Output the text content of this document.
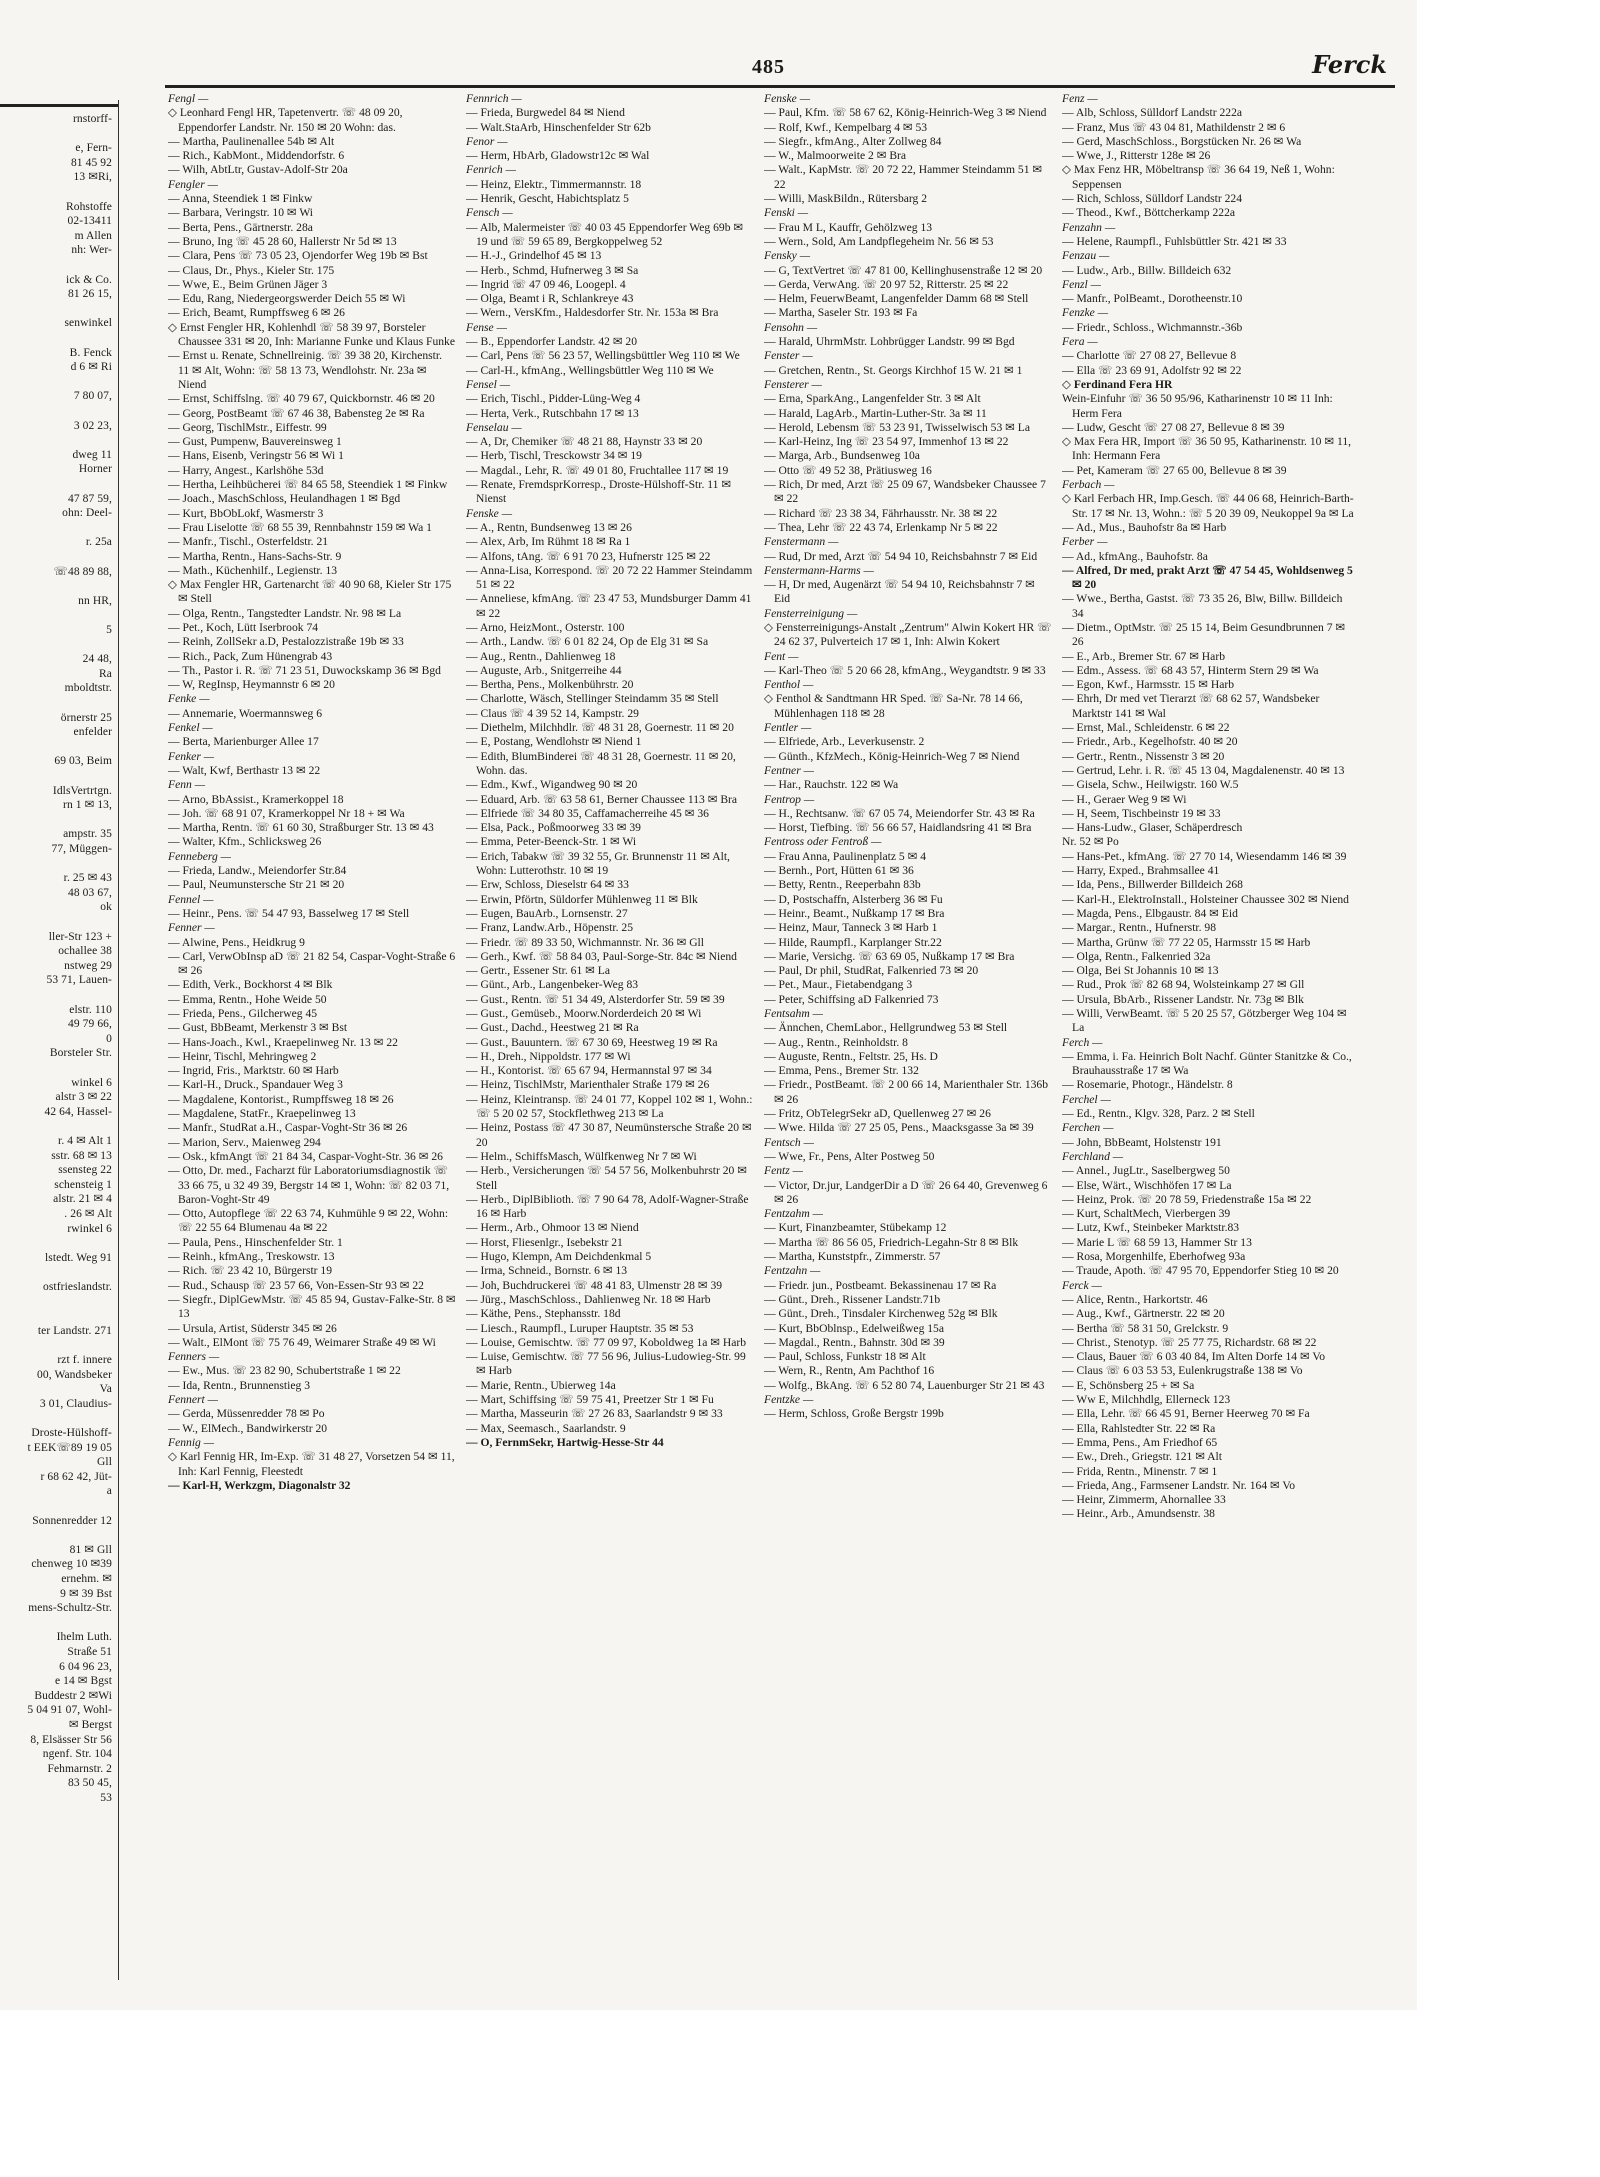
rnstorff-
e, Fern-
81 45 92
13 ✉Ri,
Rohstoffe
02-13411
m Allen
nh: Wer-
ick & Co.
81 26 15,
senwinkel
B. Fenck
d 6 ✉ Ri
7 80 07,
3 02 23,
dweg 11
Horner
47 87 59,
ohn: Deel-
r. 25a
☏48 89 88,
nn HR,
5
24 48,
Ra
mboldtstr.
örnerstr 25
enfelder
69 03, Beim
IdlsVertrtgn.
rn 1 ✉ 13,
ampstr. 35
77, Müggen-
r. 25 ✉ 43
48 03 67,
ok
ller-Str 123 +
ochallee 38
nstweg 29
53 71, Lauen-
elstr. 110
49 79 66,
0
Borsteler Str.
winkel 6
alstr 3 ✉ 22
42 64, Hassel-
r. 4 ✉ Alt 1
sstr. 68 ✉ 13
ssensteg 22
schensteig 1
alstr. 21 ✉ 4
. 26 ✉ Alt
rwinkel 6
lstedt. Weg 91
ostfrieslandstr.
ter Landstr. 271
rzt f. innere
00, Wandsbeker
Va
3 01, Claudius-
Droste-Hülshoff-
t EEK☏89 19 05
Gll
r 68 62 42, Jüt-
a
Sonnenredder 12
81 ✉ Gll
chenweg 10 ✉39
ernehm. ✉
9 ✉ 39 Bst
mens-Schultz-Str.
Ihelm Luth.
Straße 51
6 04 96 23,
e 14 ✉ Bgst
Buddestr 2 ✉Wi
5 04 91 07, Wohl-
✉ Bergst
8, Elsässer Str 56
ngenf. Str. 104
Fehmarnstr. 2
83 50 45,
53
485	Ferck
Fengl —
◇ Leonhard Fengl HR, Tapetenvertr. ☏ 48 09 20, Eppendorfer Landstr. Nr. 150 ✉ 20 Wohn: das.
— Martha, Paulinenallee 54b ✉ Alt
— Rich., KabMont., Middendorfstr. 6
— Wilh, AbtLtr, Gustav-Adolf-Str 20a
Fengler —
— Anna, Steendiek 1 ✉ Finkw
— Barbara, Veringstr. 10 ✉ Wi
— Berta, Pens., Gärtnerstr. 28a
— Bruno, Ing ☏ 45 28 60, Hallerstr Nr 5d ✉ 13
— Clara, Pens ☏ 73 05 23, Ojendorfer Weg 19b ✉ Bst
— Claus, Dr., Phys., Kieler Str. 175
— Wwe, E., Beim Grünen Jäger 3
— Edu, Rang, Niedergeorgswerder Deich 55 ✉ Wi
— Erich, Beamt, Rumpffsweg 6 ✉ 26
◇ Ernst Fengler HR, Kohlenhdl ☏ 58 39 97, Borsteler Chaussee 331 ✉ 20, Inh: Marianne Funke und Klaus Funke
— Ernst u. Renate, Schnellreinig. ☏ 39 38 20, Kirchenstr. 11 ✉ Alt, Wohn: ☏ 58 13 73, Wendlohstr. Nr. 23a ✉ Niend
— Ernst, Schiffslng. ☏ 40 79 67, Quickbornstr. 46 ✉ 20
— Georg, PostBeamt ☏ 67 46 38, Babensteg 2e ✉ Ra
— Georg, TischlMstr., Eiffestr. 99
— Gust, Pumpenw, Bauvereinsweg 1
— Hans, Eisenb, Veringstr 56 ✉ Wi 1
— Harry, Angest., Karlshöhe 53d
— Hertha, Leihbücherei ☏ 84 65 58, Steendiek 1 ✉ Finkw
— Joach., MaschSchloss, Heulandhagen 1 ✉ Bgd
— Kurt, BbObLokf, Wasmerstr 3
— Frau Liselotte ☏ 68 55 39, Rennbahnstr 159 ✉ Wa 1
— Manfr., Tischl., Osterfeldstr. 21
— Martha, Rentn., Hans-Sachs-Str. 9
— Math., Küchenhilf., Legienstr. 13
◇ Max Fengler HR, Gartenarcht ☏ 40 90 68, Kieler Str 175 ✉ Stell
— Olga, Rentn., Tangstedter Landstr. Nr. 98 ✉ La
— Pet., Koch, Lütt Iserbrook 74
— Reinh, ZollSekr a.D, Pestalozzistraße 19b ✉ 33
— Rich., Pack, Zum Hünengrab 43
— Th., Pastor i. R. ☏ 71 23 51, Duwockskamp 36 ✉ Bgd
— W, RegInsp, Heymannstr 6 ✉ 20
Fenke —
— Annemarie, Woermannsweg 6
Fenkel —
— Berta, Marienburger Allee 17
Fenker —
— Walt, Kwf, Berthastr 13 ✉ 22
Fenn —
— Arno, BbAssist., Kramerkoppel 18
— Joh. ☏ 68 91 07, Kramerkoppel Nr 18 + ✉ Wa
— Martha, Rentn. ☏ 61 60 30, Straßburger Str. 13 ✉ 43
— Walter, Kfm., Schlicksweg 26
Fenneberg —
— Frieda, Landw., Meiendorfer Str.84
— Paul, Neumunstersche Str 21 ✉ 20
Fennel —
— Heinr., Pens. ☏ 54 47 93, Basselweg 17 ✉ Stell
Fenner —
— Alwine, Pens., Heidkrug 9
— Carl, VerwObInsp aD ☏ 21 82 54, Caspar-Voght-Straße 6 ✉ 26
— Edith, Verk., Bockhorst 4 ✉ Blk
— Emma, Rentn., Hohe Weide 50
— Frieda, Pens., Gilcherweg 45
— Gust, BbBeamt, Merkenstr 3 ✉ Bst
— Hans-Joach., Kwl., Kraepelinweg Nr. 13 ✉ 22
— Heinr, Tischl, Mehringweg 2
— Ingrid, Fris., Marktstr. 60 ✉ Harb
— Karl-H., Druck., Spandauer Weg 3
— Magdalene, Kontorist., Rumpffsweg 18 ✉ 26
— Magdalene, StatFr., Kraepelinweg 13
— Manfr., StudRat a.H., Caspar-Voght-Str 36 ✉ 26
— Marion, Serv., Maienweg 294
— Osk., kfmAngt ☏ 21 84 34, Caspar-Voght-Str. 36 ✉ 26
— Otto, Dr. med., Facharzt für Laboratoriumsdiagnostik ☏ 33 66 75, u 32 49 39, Bergstr 14 ✉ 1, Wohn: ☏ 82 03 71, Baron-Voght-Str 49
— Otto, Autopflege ☏ 22 63 74, Kuhmühle 9 ✉ 22, Wohn: ☏ 22 55 64 Blumenau 4a ✉ 22
— Paula, Pens., Hinschenfelder Str. 1
— Reinh., kfmAng., Treskowstr. 13
— Rich. ☏ 23 42 10, Bürgerstr 19
— Rud., Schausp ☏ 23 57 66, Von-Essen-Str 93 ✉ 22
— Siegfr., DiplGewMstr. ☏ 45 85 94, Gustav-Falke-Str. 8 ✉ 13
— Ursula, Artist, Süderstr 345 ✉ 26
— Walt., ElMont ☏ 75 76 49, Weimarer Straße 49 ✉ Wi
Fenners —
— Ew., Mus. ☏ 23 82 90, Schubertstraße 1 ✉ 22
— Ida, Rentn., Brunnenstieg 3
Fennert —
— Gerda, Müssenredder 78 ✉ Po
— W., ElMech., Bandwirkerstr 20
Fennig —
◇ Karl Fennig HR, Im-Exp. ☏ 31 48 27, Vorsetzen 54 ✉ 11, Inh: Karl Fennig, Fleestedt
— Karl-H, Werkzgm, Diagonalstr 32
Fennrich —
— Frieda, Burgwedel 84 ✉ Niend
— Walt.StaArb, Hinschenfelder Str 62b
Fenor —
— Herm, HbArb, Gladowstr12c ✉ Wal
Fenrich —
— Heinz, Elektr., Timmermannstr. 18
— Henrik, Gescht, Habichtsplatz 5
Fensch —
— Alb, Malermeister ☏ 40 03 45 Eppendorfer Weg 69b ✉ 19 und ☏ 59 65 89, Bergkoppelweg 52
— H.-J., Grindelhof 45 ✉ 13
— Herb., Schmd, Hufnerweg 3 ✉ Sa
— Ingrid ☏ 47 09 46, Loogepl. 4
— Olga, Beamt i R, Schlankreye 43
— Wern., VersKfm., Haldesdorfer Str. Nr. 153a ✉ Bra
Fense —
— B., Eppendorfer Landstr. 42 ✉ 20
— Carl, Pens ☏ 56 23 57, Wellingsbüttler Weg 110 ✉ We
— Carl-H., kfmAng., Wellingsbüttler Weg 110 ✉ We
Fensel —
— Erich, Tischl., Pidder-Lüng-Weg 4
— Herta, Verk., Rutschbahn 17 ✉ 13
Fenselau —
— A, Dr, Chemiker ☏ 48 21 88, Haynstr 33 ✉ 20
— Herb, Tischl, Tresckowstr 34 ✉ 19
— Magdal., Lehr, R. ☏ 49 01 80, Fruchtallee 117 ✉ 19
— Renate, FremdsprKorresp., Droste-Hülshoff-Str. 11 ✉ Nienst
Fenske —
— A., Rentn, Bundsenweg 13 ✉ 26
— Alex, Arb, Im Rühmt 18 ✉ Ra 1
— Alfons, tAng. ☏ 6 91 70 23, Hufnerstr 125 ✉ 22
— Anna-Lisa, Korrespond. ☏ 20 72 22 Hammer Steindamm 51 ✉ 22
— Anneliese, kfmAng. ☏ 23 47 53, Mundsburger Damm 41 ✉ 22
— Arno, HeizMont., Osterstr. 100
— Arth., Landw. ☏ 6 01 82 24, Op de Elg 31 ✉ Sa
— Aug., Rentn., Dahlienweg 18
— Auguste, Arb., Snitgerreihe 44
— Bertha, Pens., Molkenbührstr. 20
— Charlotte, Wäsch, Stellinger Steindamm 35 ✉ Stell
— Claus ☏ 4 39 52 14, Kampstr. 29
— Diethelm, Milchhdlr. ☏ 48 31 28, Goernestr. 11 ✉ 20
— E, Postang, Wendlohstr ✉ Niend 1
— Edith, BlumBinderei ☏ 48 31 28, Goernestr. 11 ✉ 20, Wohn. das.
— Edm., Kwf., Wigandweg 90 ✉ 20
— Eduard, Arb. ☏ 63 58 61, Berner Chaussee 113 ✉ Bra
— Elfriede ☏ 34 80 35, Caffamacherreihe 45 ✉ 36
— Elsa, Pack., Poßmoorweg 33 ✉ 39
— Emma, Peter-Beenck-Str. 1 ✉ Wi
— Erich, Tabakw ☏ 39 32 55, Gr. Brunnenstr 11 ✉ Alt, Wohn: Lutterothstr. 10 ✉ 19
— Erw, Schloss, Dieselstr 64 ✉ 33
— Erwin, Pförtn, Süldorfer Mühlenweg 11 ✉ Blk
— Eugen, BauArb., Lornsenstr. 27
— Franz, Landw.Arb., Höpenstr. 25
— Friedr. ☏ 89 33 50, Wichmannstr. Nr. 36 ✉ Gll
— Gerh., Kwf. ☏ 58 84 03, Paul-Sorge-Str. 84c ✉ Niend
— Gertr., Essener Str. 61 ✉ La
— Günt., Arb., Langenbeker-Weg 83
— Gust., Rentn. ☏ 51 34 49, Alsterdorfer Str. 59 ✉ 39
— Gust., Gemüseb., Moorw.Norderdeich 20 ✉ Wi
— Gust., Dachd., Heestweg 21 ✉ Ra
— Gust., Bauuntern. ☏ 67 30 69, Heestweg 19 ✉ Ra
— H., Dreh., Nippoldstr. 177 ✉ Wi
— H., Kontorist. ☏ 65 67 94, Hermannstal 97 ✉ 34
— Heinz, TischlMstr, Marienthaler Straße 179 ✉ 26
— Heinz, Kleintransp. ☏ 24 01 77, Koppel 102 ✉ 1, Wohn.: ☏ 5 20 02 57, Stockflethweg 213 ✉ La
— Heinz, Postass ☏ 47 30 87, Neumünstersche Straße 20 ✉ 20
— Helm., SchiffsMasch, Wülfkenweg Nr 7 ✉ Wi
— Herb., Versicherungen ☏ 54 57 56, Molkenbuhrstr 20 ✉ Stell
— Herb., DiplBiblioth. ☏ 7 90 64 78, Adolf-Wagner-Straße 16 ✉ Harb
— Herm., Arb., Ohmoor 13 ✉ Niend
— Horst, Fliesenlgr., Isebekstr 21
— Hugo, Klempn, Am Deichdenkmal 5
— Irma, Schneid., Bornstr. 6 ✉ 13
— Joh, Buchdruckerei ☏ 48 41 83, Ulmenstr 28 ✉ 39
— Jürg., MaschSchloss., Dahlienweg Nr. 18 ✉ Harb
— Käthe, Pens., Stephansstr. 18d
— Liesch., Raumpfl., Luruper Hauptstr. 35 ✉ 53
— Louise, Gemischtw. ☏ 77 09 97, Koboldweg 1a ✉ Harb
— Luise, Gemischtw. ☏ 77 56 96, Julius-Ludowieg-Str. 99 ✉ Harb
— Marie, Rentn., Ubierweg 14a
— Mart, Schiffsing ☏ 59 75 41, Preetzer Str 1 ✉ Fu
— Martha, Masseurin ☏ 27 26 83, Saarlandstr 9 ✉ 33
— Max, Seemasch., Saarlandstr. 9
— O, FernmSekr, Hartwig-Hesse-Str 44
Fenske —
— Paul, Kfm. ☏ 58 67 62, König-Heinrich-Weg 3 ✉ Niend
— Rolf, Kwf., Kempelbarg 4 ✉ 53
— Siegfr., kfmAng., Alter Zollweg 84
— W., Malmoorweite 2 ✉ Bra
— Walt., KapMstr. ☏ 20 72 22, Hammer Steindamm 51 ✉ 22
— Willi, MaskBildn., Rütersbarg 2
Fenski —
— Frau M L, Kauffr, Gehölzweg 13
— Wern., Sold, Am Landpflegeheim Nr. 56 ✉ 53
Fensky —
— G, TextVertret ☏ 47 81 00, Kellinghusenstraße 12 ✉ 20
— Gerda, VerwAng. ☏ 20 97 52, Ritterstr. 25 ✉ 22
— Helm, FeuerwBeamt, Langenfelder Damm 68 ✉ Stell
— Martha, Saseler Str. 193 ✉ Fa
Fensohn —
— Harald, UhrmMstr. Lohbrügger Landstr. 99 ✉ Bgd
Fenster —
— Gretchen, Rentn., St. Georgs Kirchhof 15 W. 21 ✉ 1
Fensterer —
— Erna, SparkAng., Langenfelder Str. 3 ✉ Alt
— Harald, LagArb., Martin-Luther-Str. 3a ✉ 11
— Herold, Lebensm ☏ 53 23 91, Twisselwisch 53 ✉ La
— Karl-Heinz, Ing ☏ 23 54 97, Immenhof 13 ✉ 22
— Marga, Arb., Bundsenweg 10a
— Otto ☏ 49 52 38, Prätiusweg 16
— Rich, Dr med, Arzt ☏ 25 09 67, Wandsbeker Chaussee 7 ✉ 22
— Richard ☏ 23 38 34, Fährhausstr. Nr. 38 ✉ 22
— Thea, Lehr ☏ 22 43 74, Erlenkamp Nr 5 ✉ 22
Fenstermann —
— Rud, Dr med, Arzt ☏ 54 94 10, Reichsbahnstr 7 ✉ Eid
Fenstermann-Harms —
— H, Dr med, Augenärzt ☏ 54 94 10, Reichsbahnstr 7 ✉ Eid
Fensterreinigung —
◇ Fensterreinigungs-Anstalt „Zentrum" Alwin Kokert HR ☏ 24 62 37, Pulverteich 17 ✉ 1, Inh: Alwin Kokert
Fent —
— Karl-Theo ☏ 5 20 66 28, kfmAng., Weygandtstr. 9 ✉ 33
Fenthol —
◇ Fenthol & Sandtmann HR Sped. ☏ Sa-Nr. 78 14 66, Mühlenhagen 118 ✉ 28
Fentler —
— Elfriede, Arb., Leverkusenstr. 2
— Günth., KfzMech., König-Heinrich-Weg 7 ✉ Niend
Fentner —
— Har., Rauchstr. 122 ✉ Wa
Fentrop —
— H., Rechtsanw. ☏ 67 05 74, Meiendorfer Str. 43 ✉ Ra
— Horst, Tiefbing. ☏ 56 66 57, Haidlandsring 41 ✉ Bra
Fentross oder Fentroß —
— Frau Anna, Paulinenplatz 5 ✉ 4
— Bernh., Port, Hütten 61 ✉ 36
— Betty, Rentn., Reeperbahn 83b
— D, Postschaffn, Alsterberg 36 ✉ Fu
— Heinr., Beamt., Nußkamp 17 ✉ Bra
— Heinz, Maur, Tanneck 3 ✉ Harb 1
— Hilde, Raumpfl., Karplanger Str.22
— Marie, Versichg. ☏ 63 69 05, Nußkamp 17 ✉ Bra
— Paul, Dr phil, StudRat, Falkenried 73 ✉ 20
— Pet., Maur., Fietabendgang 3
— Peter, Schiffsing aD Falkenried 73
Fentsahm —
— Ännchen, ChemLabor., Hellgrundweg 53 ✉ Stell
— Aug., Rentn., Reinholdstr. 8
— Auguste, Rentn., Feltstr. 25, Hs. D
— Emma, Pens., Bremer Str. 132
— Friedr., PostBeamt. ☏ 2 00 66 14, Marienthaler Str. 136b ✉ 26
— Fritz, ObTelegrSekr aD, Quellenweg 27 ✉ 26
— Wwe. Hilda ☏ 27 25 05, Pens., Maacksgasse 3a ✉ 39
Fentsch —
— Wwe, Fr., Pens, Alter Postweg 50
Fentz —
— Victor, Dr.jur, LandgerDir a D ☏ 26 64 40, Grevenweg 6 ✉ 26
Fentzahm —
— Kurt, Finanzbeamter, Stübekamp 12
— Martha ☏ 86 56 05, Friedrich-Legahn-Str 8 ✉ Blk
— Martha, Kunststpfr., Zimmerstr. 57
Fentzahn —
— Friedr. jun., Postbeamt. Bekassinenau 17 ✉ Ra
— Günt., Dreh., Rissener Landstr.71b
— Günt., Dreh., Tinsdaler Kirchenweg 52g ✉ Blk
— Kurt, BbOblnsp., Edelweißweg 15a
— Magdal., Rentn., Bahnstr. 30d ✉ 39
— Paul, Schloss, Funkstr 18 ✉ Alt
— Wern, R., Rentn, Am Pachthof 16
— Wolfg., BkAng. ☏ 6 52 80 74, Lauenburger Str 21 ✉ 43
Fentzke —
— Herm, Schloss, Große Bergstr 199b
Fenz —
— Alb, Schloss, Sülldorf Landstr 222a
— Franz, Mus ☏ 43 04 81, Mathildenstr 2 ✉ 6
— Gerd, MaschSchloss., Borgstücken Nr. 26 ✉ Wa
— Wwe, J., Ritterstr 128e ✉ 26
◇ Max Fenz HR, Möbeltransp ☏ 36 64 19, Neß 1, Wohn: Seppensen
— Rich, Schloss, Sülldorf Landstr 224
— Theod., Kwf., Böttcherkamp 222a
Fenzahn —
— Helene, Raumpfl., Fuhlsbüttler Str. 421 ✉ 33
Fenzau —
— Ludw., Arb., Billw. Billdeich 632
Fenzl —
— Manfr., PolBeamt., Dorotheenstr.10
Fenzke —
— Friedr., Schloss., Wichmannstr.-36b
Fera —
— Charlotte ☏ 27 08 27, Bellevue 8
— Ella ☏ 23 69 91, Adolfstr 92 ✉ 22
◇ Ferdinand Fera HR
Wein-Einfuhr ☏ 36 50 95/96, Katharinenstr 10 ✉ 11 Inh: Herm Fera
— Ludw, Gescht ☏ 27 08 27, Bellevue 8 ✉ 39
◇ Max Fera HR, Import ☏ 36 50 95, Katharinenstr. 10 ✉ 11, Inh: Hermann Fera
— Pet, Kameram ☏ 27 65 00, Bellevue 8 ✉ 39
Ferbach —
◇ Karl Ferbach HR, Imp.Gesch. ☏ 44 06 68, Heinrich-Barth-Str. 17 ✉ Nr. 13, Wohn.: ☏ 5 20 39 09, Neukoppel 9a ✉ La
— Ad., Mus., Bauhofstr 8a ✉ Harb
Ferber —
— Ad., kfmAng., Bauhofstr. 8a
— Alfred, Dr med, prakt Arzt ☏ 47 54 45, Wohldsenweg 5 ✉ 20
— Wwe., Bertha, Gastst. ☏ 73 35 26, Blw, Billw. Billdeich 34
— Dietm., OptMstr. ☏ 25 15 14, Beim Gesundbrunnen 7 ✉ 26
— E., Arb., Bremer Str. 67 ✉ Harb
— Edm., Assess. ☏ 68 43 57, Hinterm Stern 29 ✉ Wa
— Egon, Kwf., Harmsstr. 15 ✉ Harb
— Ehrh, Dr med vet Tierarzt ☏ 68 62 57, Wandsbeker Marktstr 141 ✉ Wal
— Ernst, Mal., Schleidenstr. 6 ✉ 22
— Friedr., Arb., Kegelhofstr. 40 ✉ 20
— Gertr., Rentn., Nissenstr 3 ✉ 20
— Gertrud, Lehr. i. R. ☏ 45 13 04, Magdalenenstr. 40 ✉ 13
— Gisela, Schw., Heilwigstr. 160 W.5
— H., Geraer Weg 9 ✉ Wi
— H, Seem, Tischbeinstr 19 ✉ 33
— Hans-Ludw., Glaser, Schäperdresch
Nr. 52 ✉ Po
— Hans-Pet., kfmAng. ☏ 27 70 14, Wiesendamm 146 ✉ 39
— Harry, Exped., Brahmsallee 41
— Ida, Pens., Billwerder Billdeich 268
— Karl-H., ElektroInstall., Holsteiner Chaussee 302 ✉ Niend
— Magda, Pens., Elbgaustr. 84 ✉ Eid
— Margar., Rentn., Hufnerstr. 98
— Martha, Grünw ☏ 77 22 05, Harmsstr 15 ✉ Harb
— Olga, Rentn., Falkenried 32a
— Olga, Bei St Johannis 10 ✉ 13
— Rud., Prok ☏ 82 68 94, Wolsteinkamp 27 ✉ Gll
— Ursula, BbArb., Rissener Landstr. Nr. 73g ✉ Blk
— Willi, VerwBeamt. ☏ 5 20 25 57, Götzberger Weg 104 ✉ La
Ferch —
— Emma, i. Fa. Heinrich Bolt Nachf. Günter Stanitzke & Co., Brauhausstraße 17 ✉ Wa
— Rosemarie, Photogr., Händelstr. 8
Ferchel —
— Ed., Rentn., Klgv. 328, Parz. 2 ✉ Stell
Ferchen —
— John, BbBeamt, Holstenstr 191
Ferchland —
— Annel., JugLtr., Saselbergweg 50
— Else, Wärt., Wischhöfen 17 ✉ La
— Heinz, Prok. ☏ 20 78 59, Friedenstraße 15a ✉ 22
— Kurt, SchaltMech, Vierbergen 39
— Lutz, Kwf., Steinbeker Marktstr.83
— Marie L ☏ 68 59 13, Hammer Str 13
— Rosa, Morgenhilfe, Eberhofweg 93a
— Traude, Apoth. ☏ 47 95 70, Eppendorfer Stieg 10 ✉ 20
Ferck —
— Alice, Rentn., Harkortstr. 46
— Aug., Kwf., Gärtnerstr. 22 ✉ 20
— Bertha ☏ 58 31 50, Grelckstr. 9
— Christ., Stenotyp. ☏ 25 77 75, Richardstr. 68 ✉ 22
— Claus, Bauer ☏ 6 03 40 84, Im Alten Dorfe 14 ✉ Vo
— Claus ☏ 6 03 53 53, Eulenkrugstraße 138 ✉ Vo
— E, Schönsberg 25 + ✉ Sa
— Ww E, Milchhdlg, Ellerneck 123
— Ella, Lehr. ☏ 66 45 91, Berner Heerweg 70 ✉ Fa
— Ella, Rahlstedter Str. 22 ✉ Ra
— Emma, Pens., Am Friedhof 65
— Ew., Dreh., Griegstr. 121 ✉ Alt
— Frida, Rentn., Minenstr. 7 ✉ 1
— Frieda, Ang., Farmsener Landstr. Nr. 164 ✉ Vo
— Heinr, Zimmerm, Ahornallee 33
— Heinr., Arb., Amundsenstr. 38
